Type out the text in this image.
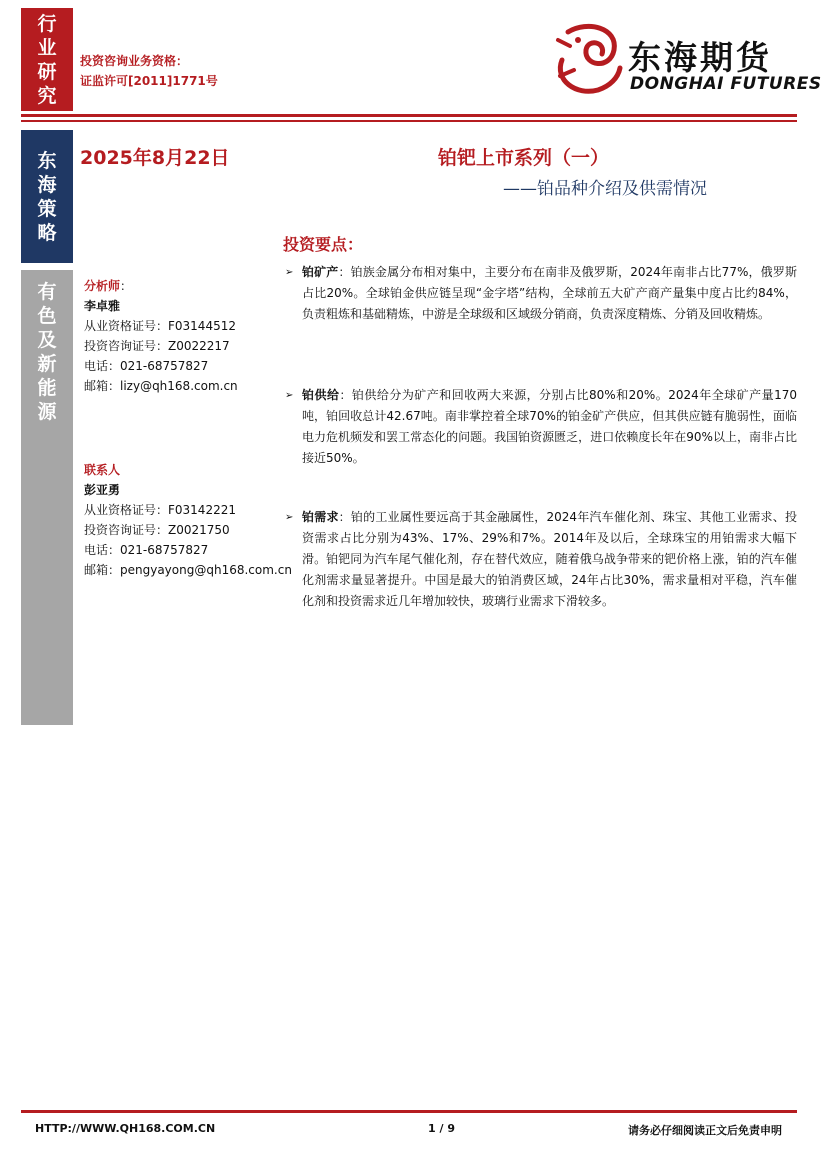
行
业
研
究
投资咨询业务资格：
证监许可[2011]1771号
东海期货
DONGHAI FUTURES
东
海
策
略
有
色
及
新
能
源
2025年8月22日	铂钯上市系列（一）
——铂品种介绍及供需情况
分析师：
李卓雅
从业资格证号：F03144512
投资咨询证号：Z0022217
电话：021-68757827
邮箱：lizy@qh168.com.cn
联系人
彭亚勇
从业资格证号：F03142221
投资咨询证号：Z0021750
电话：021-68757827
邮箱：pengyayong@qh168.com.cn
投资要点：
➢ 铂矿产：铂族金属分布相对集中，主要分布在南非及俄罗斯，2024年南非占比77%，俄罗斯占比20%。全球铂金供应链呈现“金字塔”结构，全球前五大矿产商产量集中度占比约84%，负责粗炼和基础精炼，中游是全球级和区域级分销商，负责深度精炼、分销及回收精炼。
➢ 铂供给：铂供给分为矿产和回收两大来源，分别占比80%和20%。2024年全球矿产量170吨，铂回收总计42.67吨。南非掌控着全球70%的铂金矿产供应，但其供应链有脆弱性，面临电力危机频发和罢工常态化的问题。我国铂资源匮乏，进口依赖度长年在90%以上，南非占比接近50%。
➢ 铂需求：铂的工业属性要远高于其金融属性，2024年汽车催化剂、珠宝、其他工业需求、投资需求占比分别为43%、17%、29%和7%。2014年及以后，全球珠宝的用铂需求大幅下滑。铂钯同为汽车尾气催化剂，存在替代效应，随着俄乌战争带来的钯价格上涨，铂的汽车催化剂需求量显著提升。中国是最大的铂消费区域，24年占比30%，需求量相对平稳，汽车催化剂和投资需求近几年增加较快，玻璃行业需求下滑较多。
HTTP://WWW.QH168.COM.CN	1 / 9	请务必仔细阅读正文后免责申明
